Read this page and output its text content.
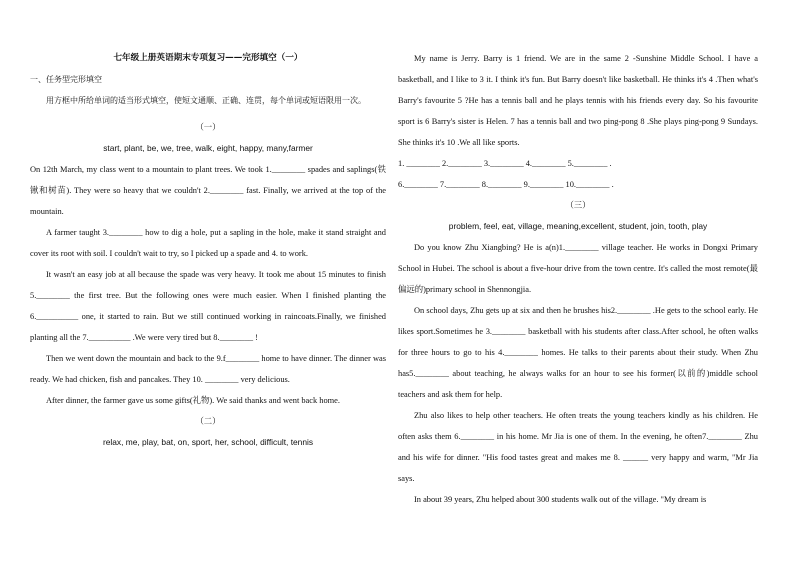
七年级上册英语期末专项复习——完形填空（一）

一、任务型完形填空

用方框中所给单词的适当形式填空，使短文通顺、正确、连贯，每个单词或短语限用一次。

（一）

start, plant, be, we, tree, walk, eight, happy, many,farmer

On 12th March, my class went to a mountain to plant trees. We took 1.________ spades and saplings(铁锹和树苗). They were so heavy that we couldn't 2.________ fast. Finally, we arrived at the top of the mountain.

A farmer taught 3.________ how to dig a hole, put a sapling in the hole, make it stand straight and cover its root with soil. I couldn't wait to try, so I picked up a spade and 4. to work.

It wasn't an easy job at all because the spade was very heavy. It took me about 15 minutes to finish 5.________ the first tree. But the following ones were much easier. When I finished planting the 6.__________ one, it started to rain. But we still continued working in raincoats.Finally, we finished planting all the 7.__________ .We were very tired but 8.________ !

Then we went down the mountain and back to the 9.f________ home to have dinner. The dinner was ready. We had chicken, fish and pancakes. They 10. ________ very delicious.

After dinner, the farmer gave us some gifts(礼物). We said thanks and went back home.

（二）

relax, me, play, bat, on, sport, her, school, difficult, tennis

My name is Jerry. Barry is 1 friend. We are in the same 2 -Sunshine Middle School. I have a basketball, and I like to 3 it. I think it's fun. But Barry doesn't like basketball. He thinks it's 4 .Then what's Barry's favourite 5 ?He has a tennis ball and he plays tennis with his friends every day. So his favourite sport is 6 Barry's sister is Helen. 7 has a tennis ball and two ping-pong 8 .She plays ping-pong 9 Sundays. She thinks it's 10 .We all like sports.

1. ________ 2.________ 3.________ 4.________ 5.________ .

6.________ 7.________ 8.________ 9.________ 10.________ .

（三）

problem, feel, eat, village, meaning,excellent, student, join, tooth, play

Do you know Zhu Xiangbing? He is a(n)1.________ village teacher. He works in Dongxi Primary School in Hubei. The school is about a five-hour drive from the town centre. It's called the most remote(最偏远的)primary school in Shennongjia.

On school days, Zhu gets up at six and then he brushes his2.________ .He gets to the school early. He likes sport.Sometimes he 3.________ basketball with his students after class.After school, he often walks for three hours to go to his 4.________ homes. He talks to their parents about their study. When Zhu has5.________ about teaching, he always walks for an hour to see his former(以前的)middle school teachers and ask them for help.

Zhu also likes to help other teachers. He often treats the young teachers kindly as his children. He often asks them 6.________ in his home. Mr Jia is one of them. In the evening, he often7.________ Zhu and his wife for dinner. "His food tastes great and makes me 8. ______ very happy and warm, "Mr Jia says.

In about 39 years, Zhu helped about 300 students walk out of the village. "My dream is
